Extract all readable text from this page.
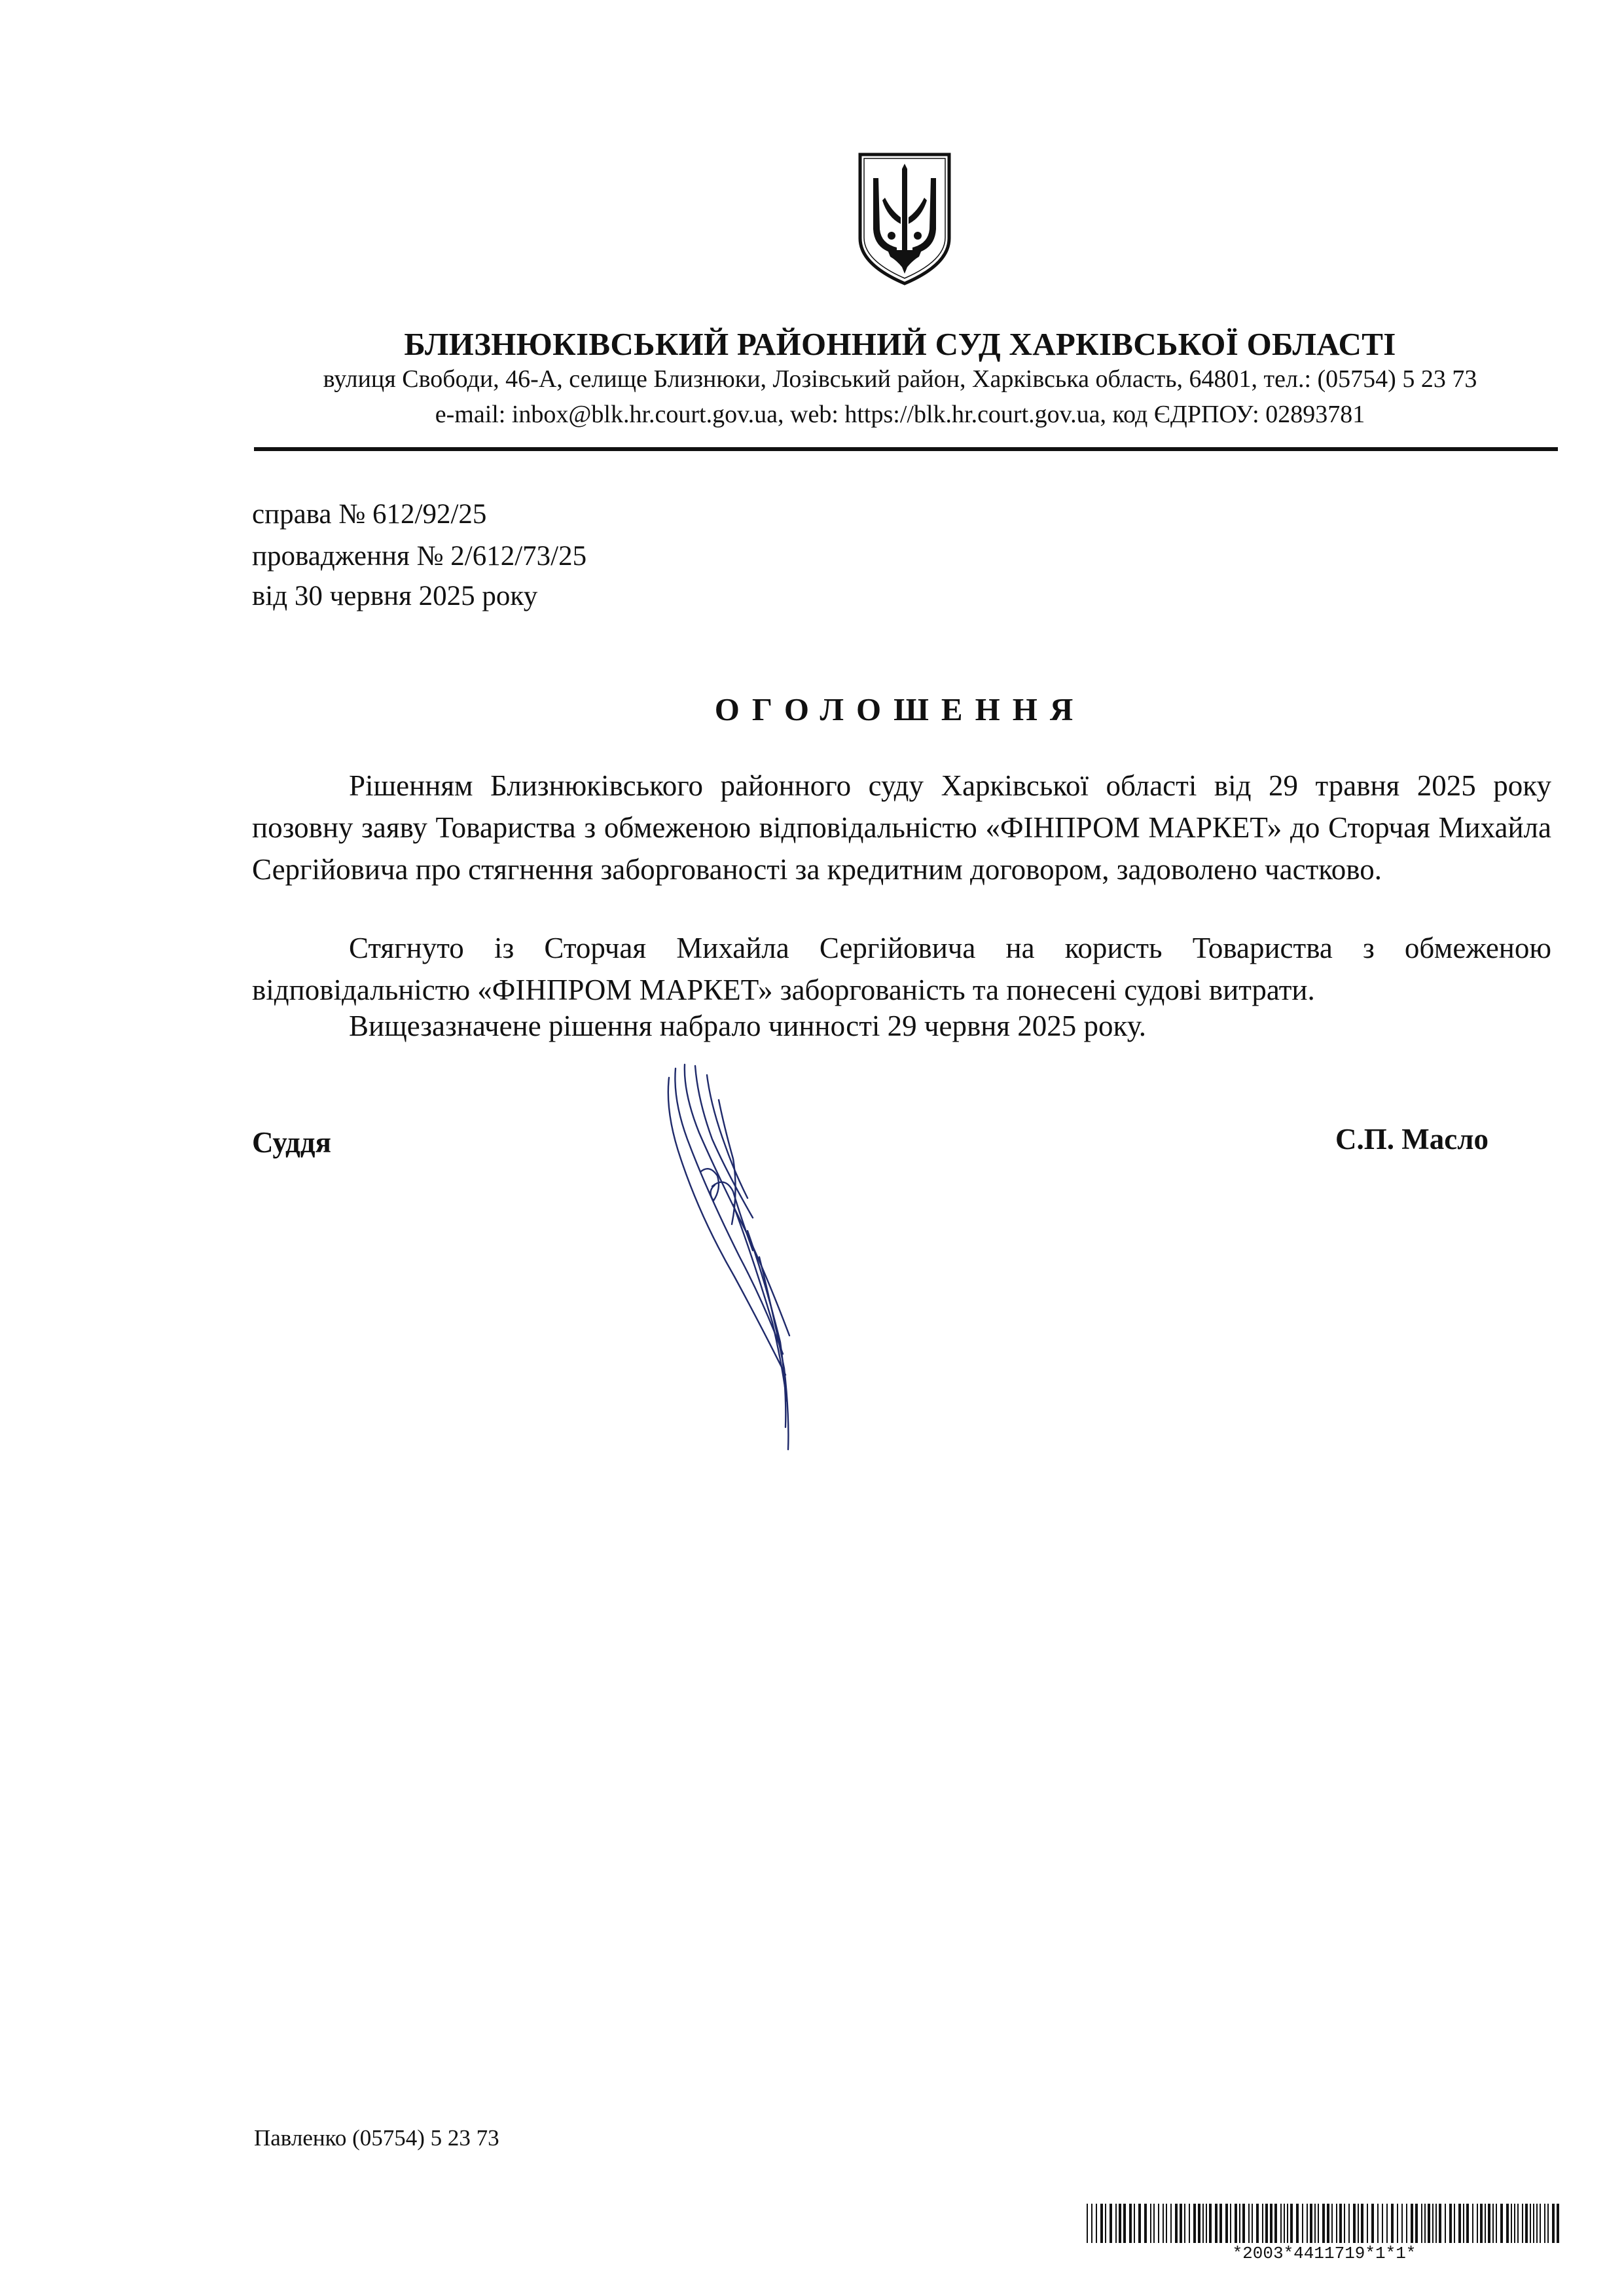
БЛИЗНЮКІВСЬКИЙ РАЙОННИЙ СУД ХАРКІВСЬКОЇ ОБЛАСТІ
вулиця Свободи, 46-А, селище Близнюки, Лозівський район, Харківська область, 64801, тел.: (05754) 5 23 73
e-mail: inbox@blk.hr.court.gov.ua, web: https://blk.hr.court.gov.ua, код ЄДРПОУ: 02893781
справа № 612/92/25
провадження № 2/612/73/25
від 30 червня 2025 року
ОГОЛОШЕННЯ

Рішенням Близнюківського районного суду Харківської області від 29 травня 2025 року позовну заяву Товариства з обмеженою відповідальністю «ФІНПРОМ МАРКЕТ» до Сторчая Михайла Сергійовича про стягнення заборгованості за кредитним договором, задоволено частково.

Стягнуто із Сторчая Михайла Сергійовича на користь Товариства з обмеженою відповідальністю «ФІНПРОМ МАРКЕТ» заборгованість та понесені судові витрати.

Вищезазначене рішення набрало чинності 29 червня 2025 року.

Суддя	С.П. Масло
Павленко (05754) 5 23 73
*2003*4411719*1*1*
